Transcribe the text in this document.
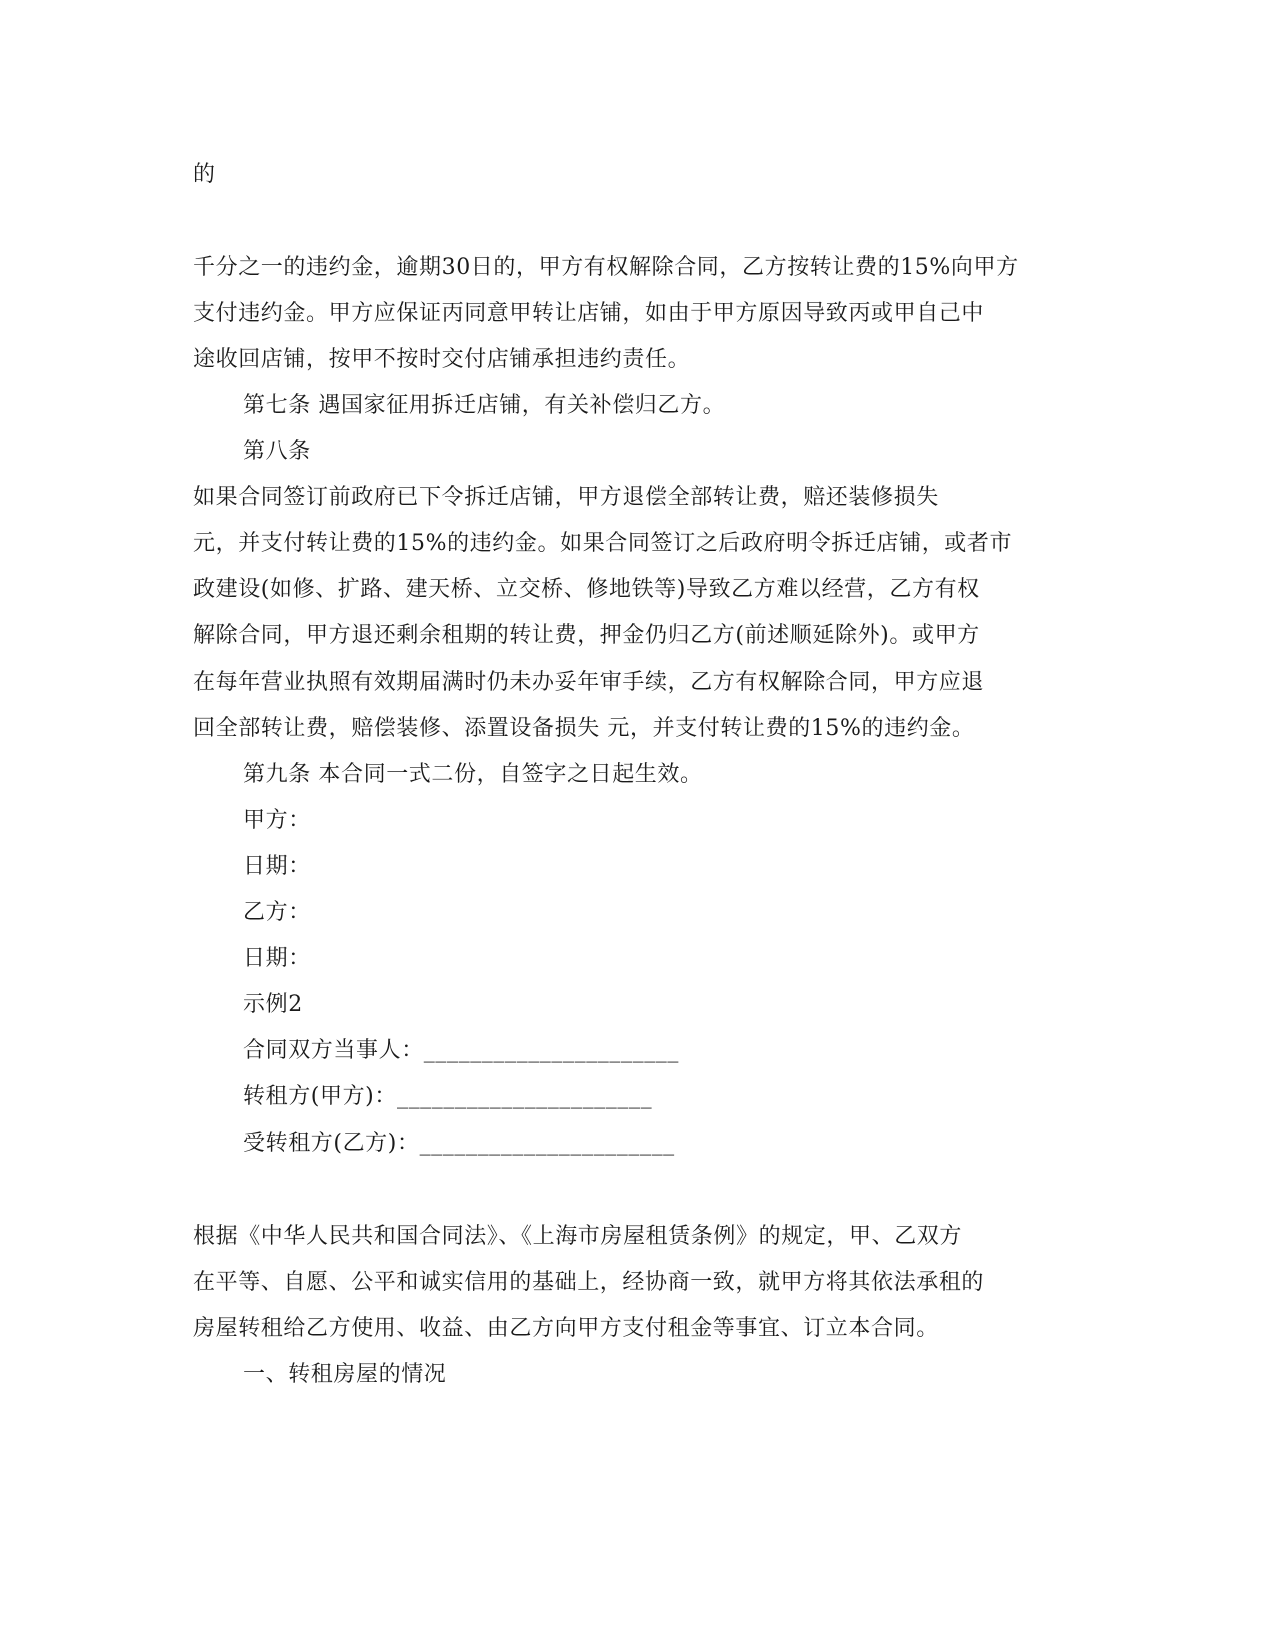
的
千分之一的违约金，逾期30日的，甲方有权解除合同，乙方按转让费的15%向甲方
支付违约金。甲方应保证丙同意甲转让店铺，如由于甲方原因导致丙或甲自己中
途收回店铺，按甲不按时交付店铺承担违约责任。
第七条 遇国家征用拆迁店铺，有关补偿归乙方。
第八条
如果合同签订前政府已下令拆迁店铺，甲方退偿全部转让费，赔还装修损失
元，并支付转让费的15%的违约金。如果合同签订之后政府明令拆迁店铺，或者市
政建设(如修、扩路、建天桥、立交桥、修地铁等)导致乙方难以经营，乙方有权
解除合同，甲方退还剩余租期的转让费，押金仍归乙方(前述顺延除外)。或甲方
在每年营业执照有效期届满时仍未办妥年审手续，乙方有权解除合同，甲方应退
回全部转让费，赔偿装修、添置设备损失 元，并支付转让费的15%的违约金。
第九条 本合同一式二份，自签字之日起生效。
甲方：
日期：
乙方：
日期：
示例2
合同双方当事人：______________________
转租方(甲方)：______________________
受转租方(乙方)：______________________
根据《中华人民共和国合同法》、《上海市房屋租赁条例》的规定，甲、乙双方
在平等、自愿、公平和诚实信用的基础上，经协商一致，就甲方将其依法承租的
房屋转租给乙方使用、收益、由乙方向甲方支付租金等事宜、订立本合同。
一、转租房屋的情况
